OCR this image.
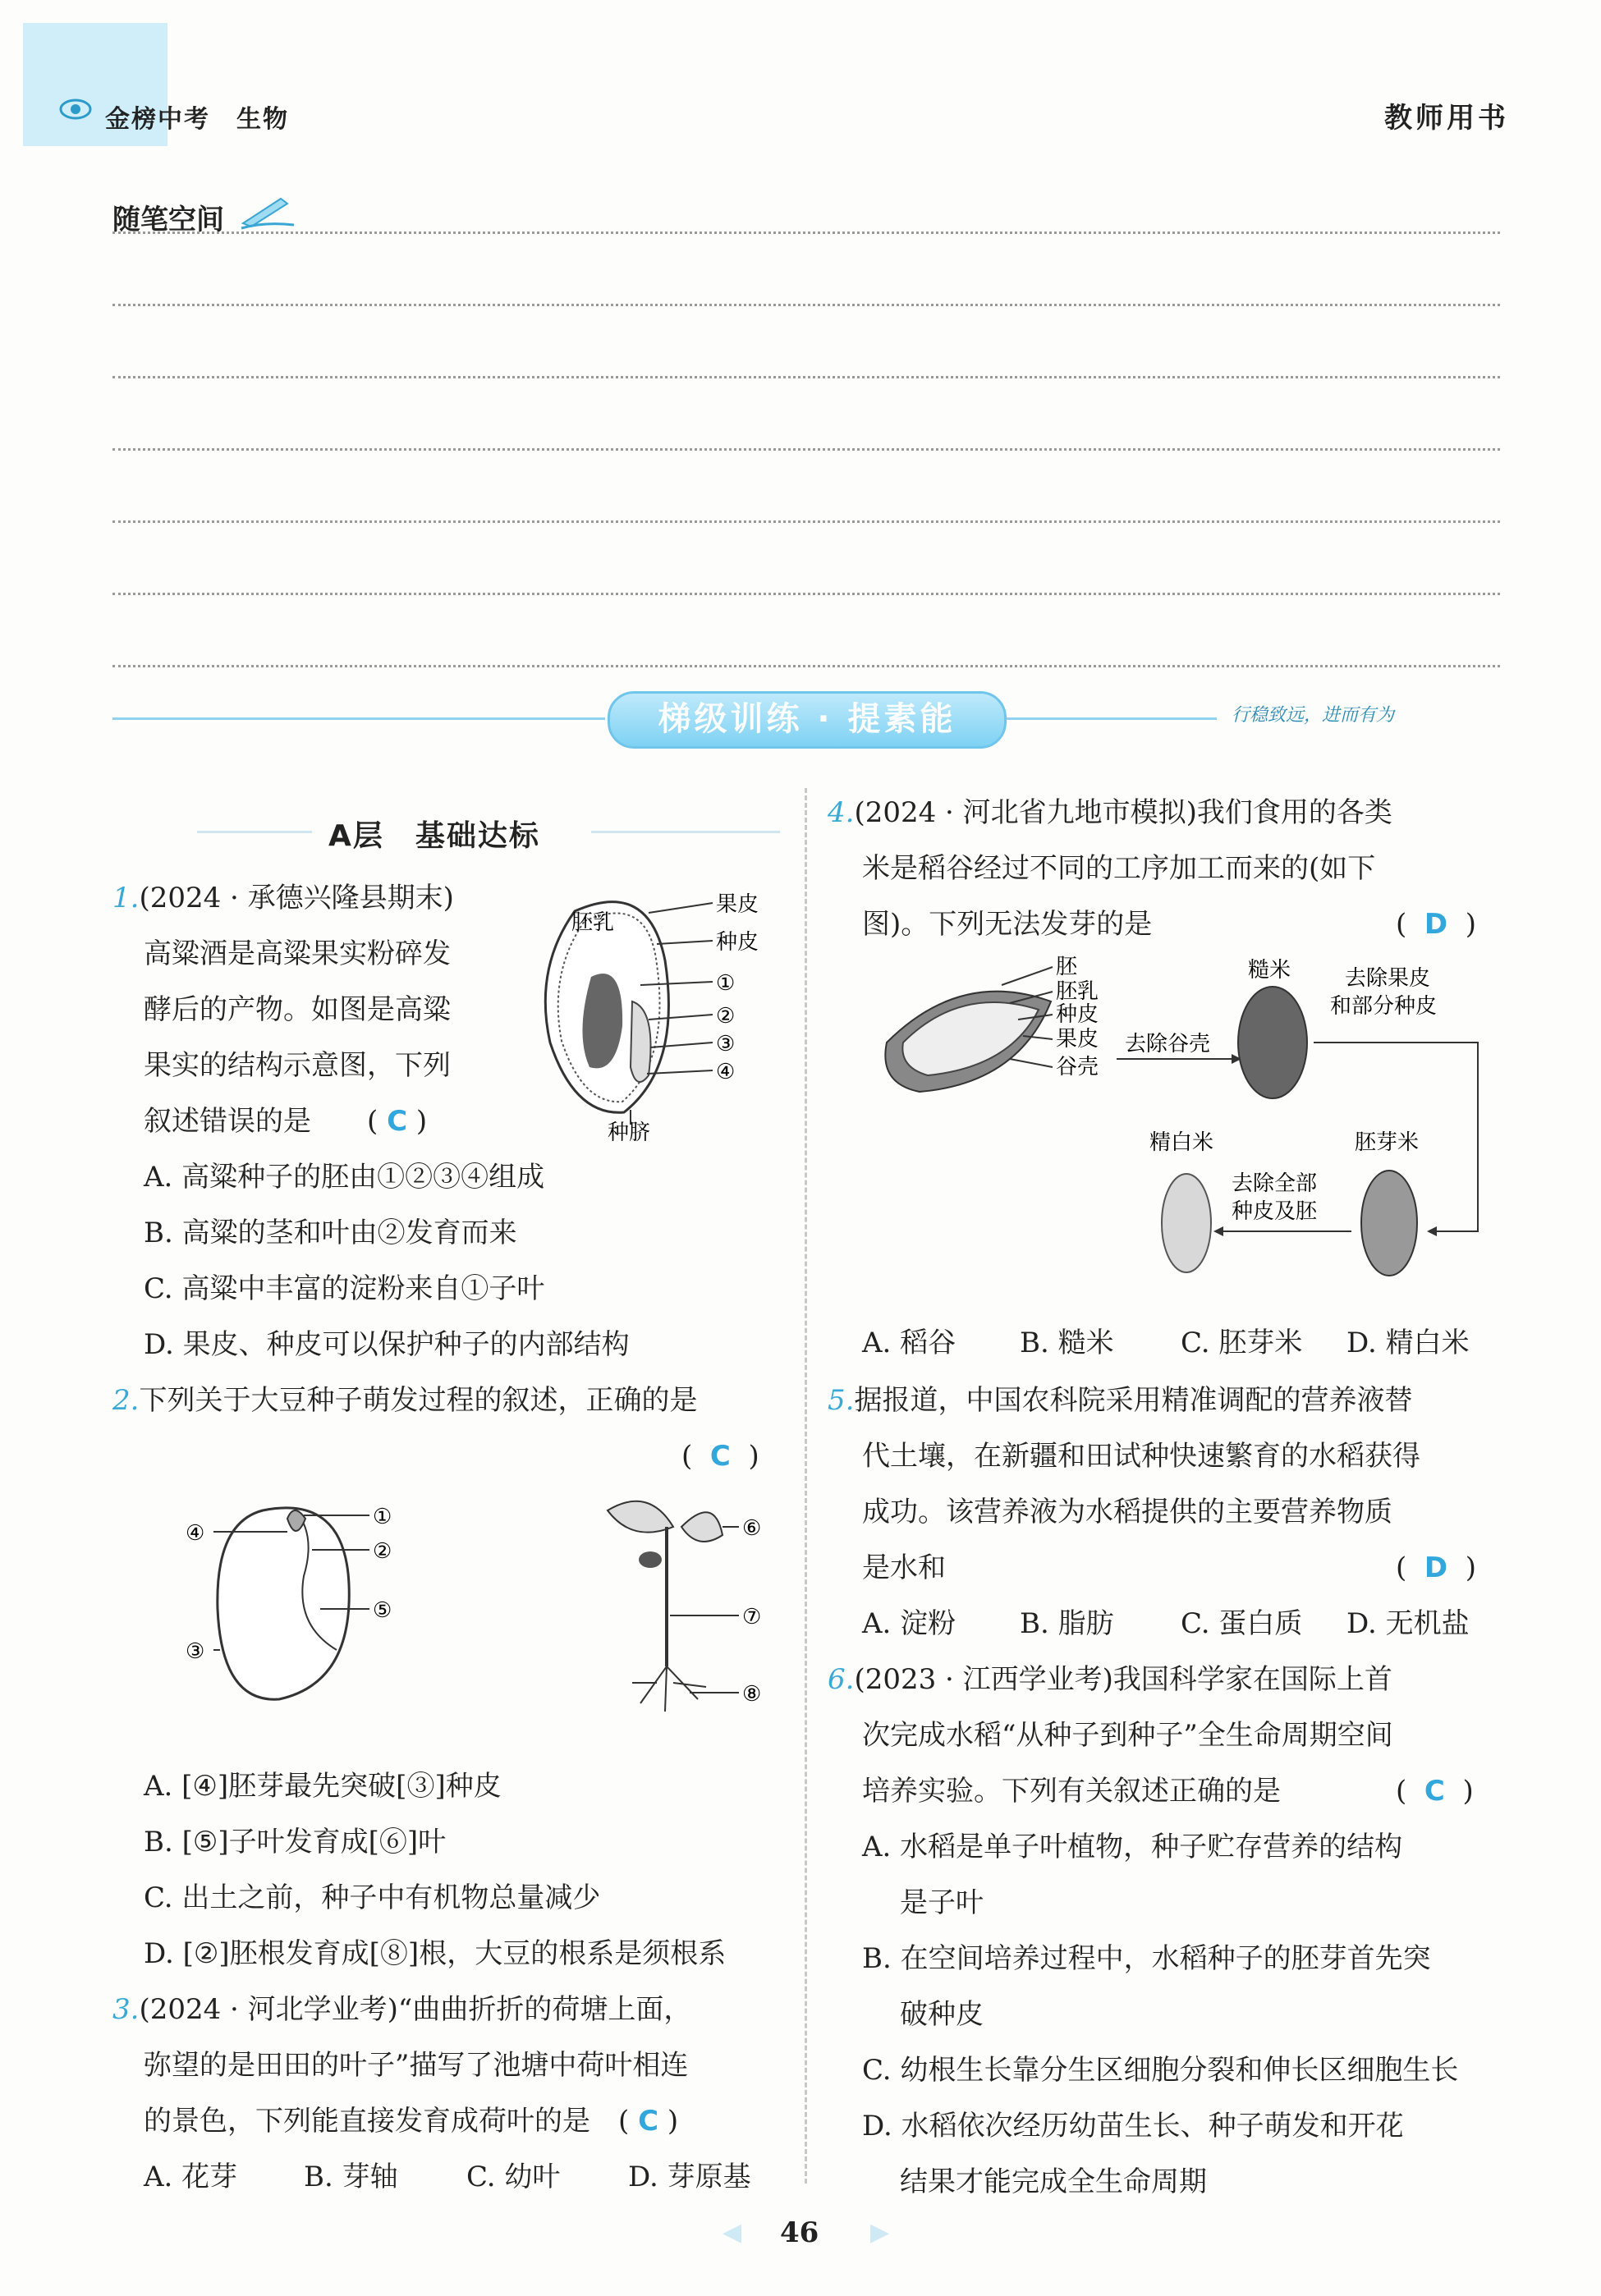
金榜中考　生物	教师用书
随笔空间
梯级训练 · 提素能	行稳致远，进而有为
A层　基础达标
1.(2024 · 承德兴隆县期末)
高粱酒是高粱果实粉碎发
酵后的产物。如图是高粱
果实的结构示意图，下列
叙述错误的是　　( C )
胚乳
果皮
种皮
①
②
③
④
种脐
A. 高粱种子的胚由①②③④组成
B. 高粱的茎和叶由②发育而来
C. 高粱中丰富的淀粉来自①子叶
D. 果皮、种皮可以保护种子的内部结构
2.下列关于大豆种子萌发过程的叙述，正确的是
(  C  )
①
②
⑤
④
③
⑥
⑦
⑧
A. [④]胚芽最先突破[③]种皮
B. [⑤]子叶发育成[⑥]叶
C. 出土之前，种子中有机物总量减少
D. [②]胚根发育成[⑧]根，大豆的根系是须根系
3.(2024 · 河北学业考)“曲曲折折的荷塘上面，
弥望的是田田的叶子”描写了池塘中荷叶相连
的景色，下列能直接发育成荷叶的是　( C )
A. 花芽 B. 芽轴 C. 幼叶 D. 芽原基
4.(2024 · 河北省九地市模拟)我们食用的各类
米是稻谷经过不同的工序加工而来的(如下
图)。下列无法发芽的是	(  D  )
胚
胚乳
种皮
果皮
谷壳
去除谷壳
糙米	去除果皮
和部分种皮
胚芽米
去除全部
种皮及胚
精白米
A. 稻谷 B. 糙米 C. 胚芽米 D. 精白米
5.据报道，中国农科院采用精准调配的营养液替
代土壤，在新疆和田试种快速繁育的水稻获得
成功。该营养液为水稻提供的主要营养物质
是水和	(  D  )
A. 淀粉 B. 脂肪 C. 蛋白质 D. 无机盐
6.(2023 · 江西学业考)我国科学家在国际上首
次完成水稻“从种子到种子”全生命周期空间
培养实验。下列有关叙述正确的是	(  C  )
A. 水稻是单子叶植物，种子贮存营养的结构
是子叶
B. 在空间培养过程中，水稻种子的胚芽首先突
破种皮
C. 幼根生长靠分生区细胞分裂和伸长区细胞生长
D. 水稻依次经历幼苗生长、种子萌发和开花
结果才能完成全生命周期
◀ 46 ▶
